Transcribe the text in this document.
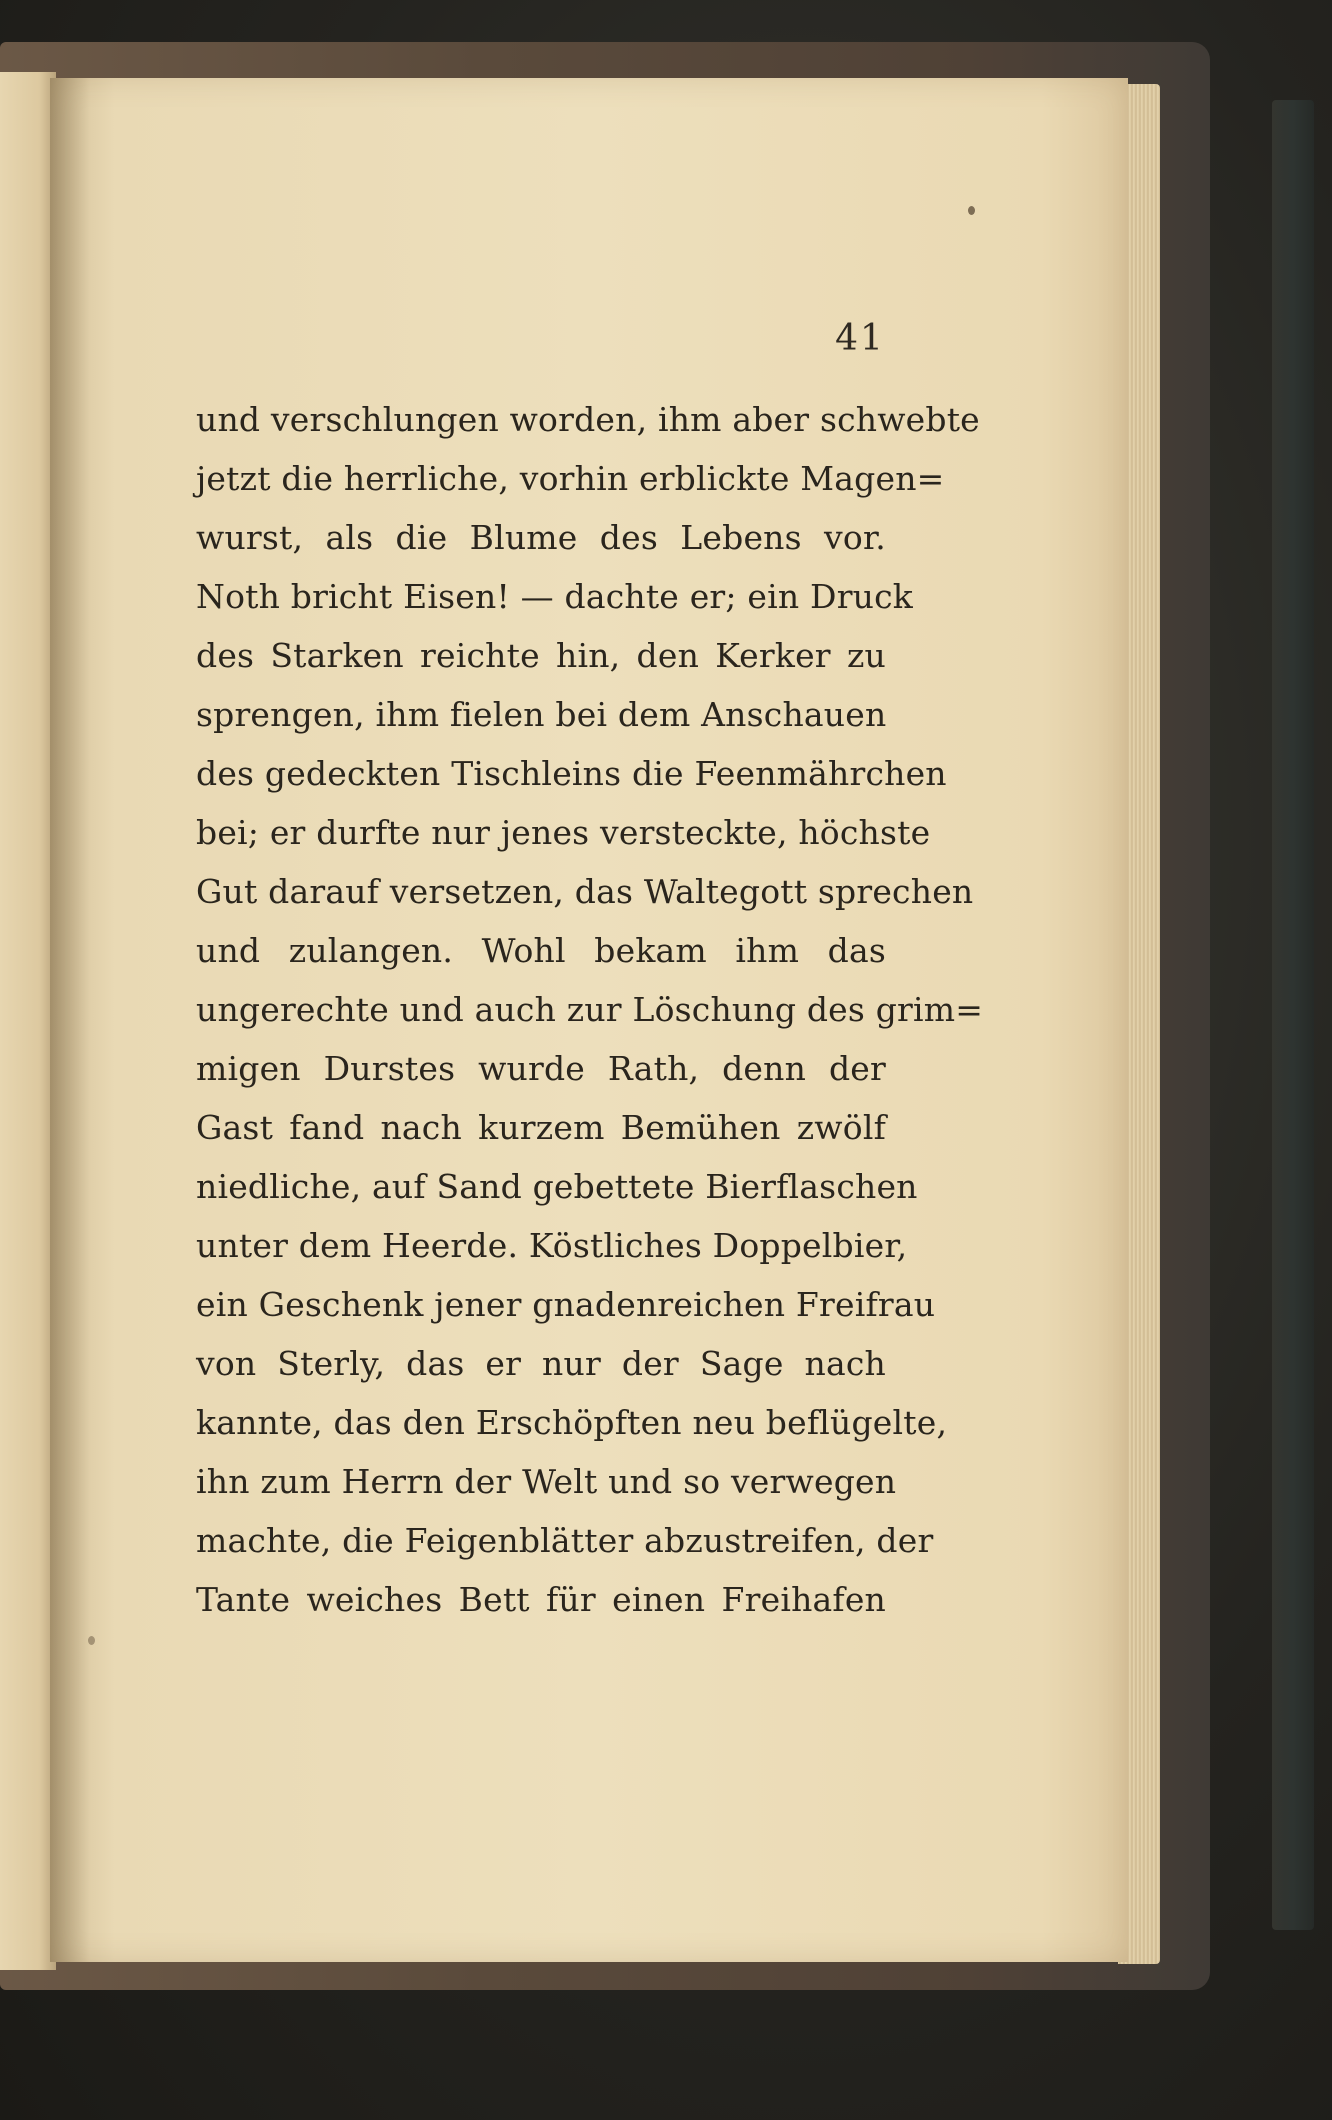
41
und verschlungen worden, ihm aber schwebte
jetzt die herrliche, vorhin erblickte Magen=
wurst, als die Blume des Lebens vor.
Noth bricht Eisen! — dachte er; ein Druck
des Starken reichte hin, den Kerker zu
sprengen, ihm fielen bei dem Anschauen
des gedeckten Tischleins die Feenmährchen
bei; er durfte nur jenes versteckte, höchste
Gut darauf versetzen, das Waltegott sprechen
und zulangen. Wohl bekam ihm das
ungerechte und auch zur Löschung des grim=
migen Durstes wurde Rath, denn der
Gast fand nach kurzem Bemühen zwölf
niedliche, auf Sand gebettete Bierflaschen
unter dem Heerde. Köstliches Doppelbier,
ein Geschenk jener gnadenreichen Freifrau
von Sterly, das er nur der Sage nach
kannte, das den Erschöpften neu beflügelte,
ihn zum Herrn der Welt und so verwegen
machte, die Feigenblätter abzustreifen, der
Tante weiches Bett für einen Freihafen
